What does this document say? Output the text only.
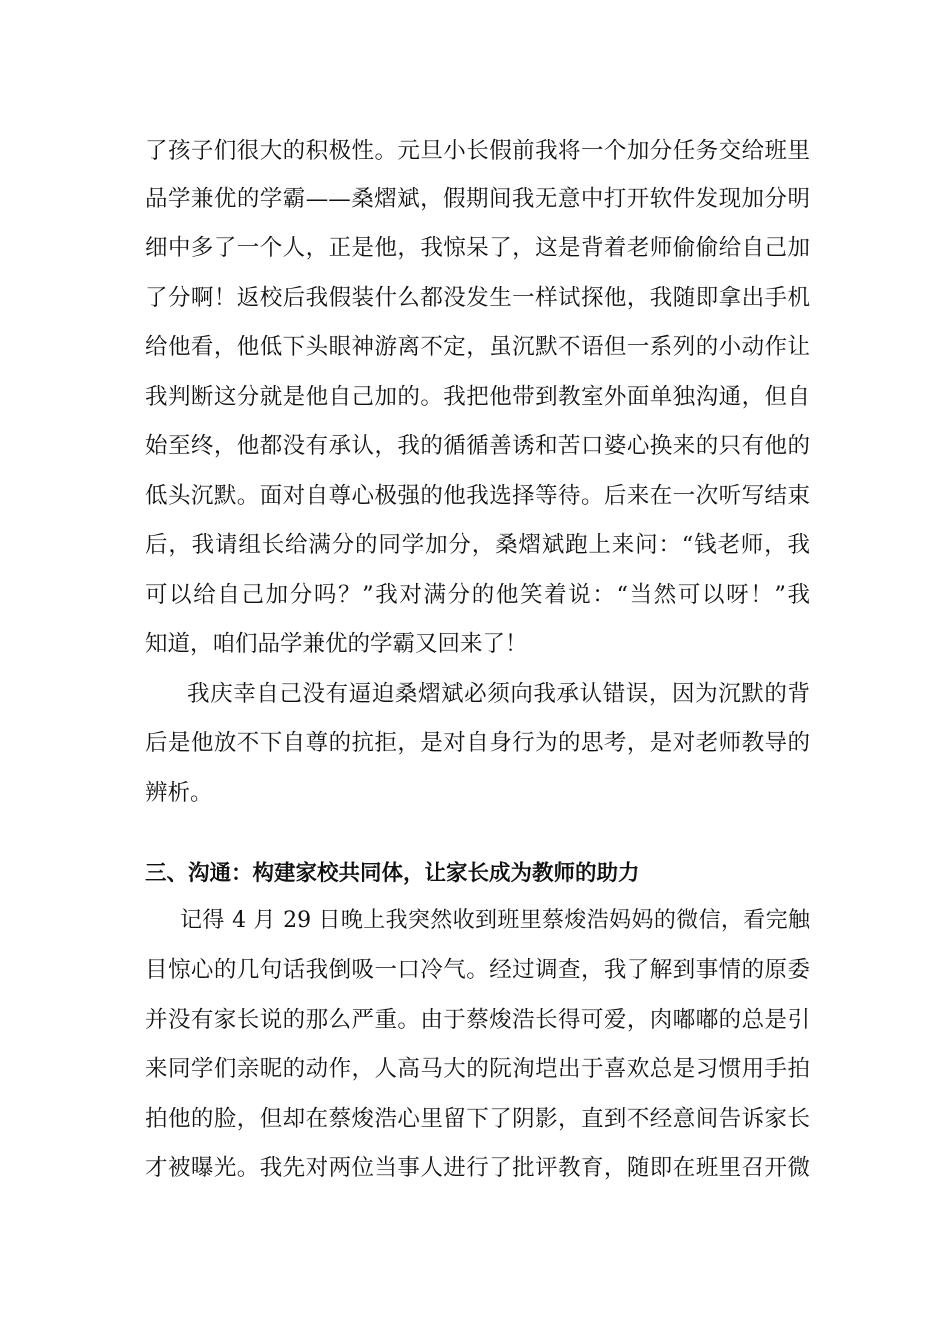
了孩子们很大的积极性。元旦小长假前我将一个加分任务交给班里
品学兼优的学霸——桑熠斌，假期间我无意中打开软件发现加分明
细中多了一个人，正是他，我惊呆了，这是背着老师偷偷给自己加
了分啊！返校后我假装什么都没发生一样试探他，我随即拿出手机
给他看，他低下头眼神游离不定，虽沉默不语但一系列的小动作让
我判断这分就是他自己加的。我把他带到教室外面单独沟通，但自
始至终，他都没有承认，我的循循善诱和苦口婆心换来的只有他的
低头沉默。面对自尊心极强的他我选择等待。后来在一次听写结束
后，我请组长给满分的同学加分，桑熠斌跑上来问：“钱老师，我
可以给自己加分吗？”我对满分的他笑着说：“当然可以呀！”我
知道，咱们品学兼优的学霸又回来了！
我庆幸自己没有逼迫桑熠斌必须向我承认错误，因为沉默的背
后是他放不下自尊的抗拒，是对自身行为的思考，是对老师教导的
辨析。
三、沟通：构建家校共同体，让家长成为教师的助力
记得 4 月 29 日晚上我突然收到班里蔡焌浩妈妈的微信，看完触
目惊心的几句话我倒吸一口冷气。经过调查，我了解到事情的原委
并没有家长说的那么严重。由于蔡焌浩长得可爱，肉嘟嘟的总是引
来同学们亲昵的动作，人高马大的阮洵垲出于喜欢总是习惯用手拍
拍他的脸，但却在蔡焌浩心里留下了阴影，直到不经意间告诉家长
才被曝光。我先对两位当事人进行了批评教育，随即在班里召开微
